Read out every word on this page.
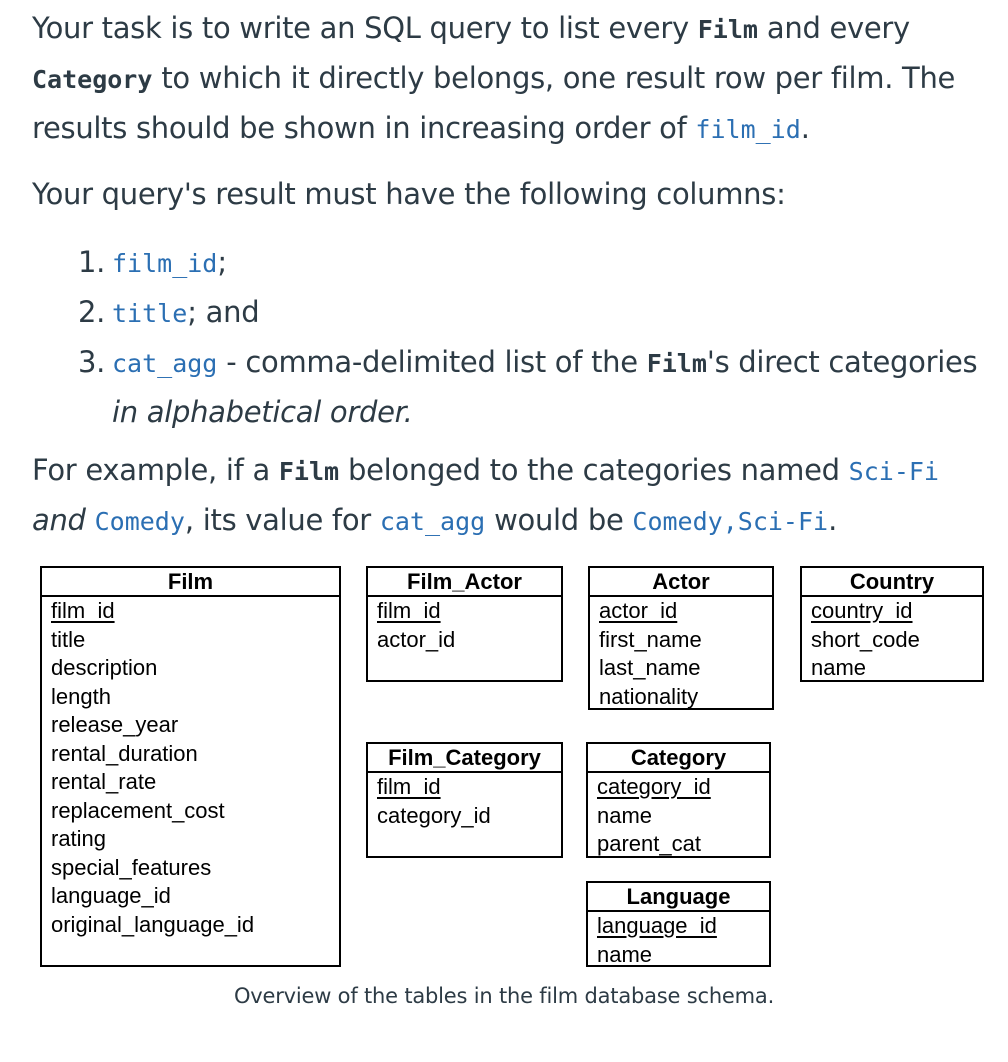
Your task is to write an SQL query to list every Film and every Category to which it directly belongs, one result row per film. The results should be shown in increasing order of film_id.

Your query's result must have the following columns:

1. film_id;
2. title; and
3. cat_agg - comma-delimited list of the Film's direct categories in alphabetical order.

For example, if a Film belonged to the categories named Sci-Fi
and Comedy, its value for cat_agg would be Comedy,Sci-Fi.

Film
film_id
title
description
length
release_year
rental_duration
rental_rate
replacement_cost
rating
special_features
language_id
original_language_id
Film_Actor
film_id
actor_id
Actor
actor_id
first_name
last_name
nationality
Country
country_id
short_code
name
Film_Category
film_id
category_id
Category
category_id
name
parent_cat
Language
language_id
name
Overview of the tables in the film database schema.
